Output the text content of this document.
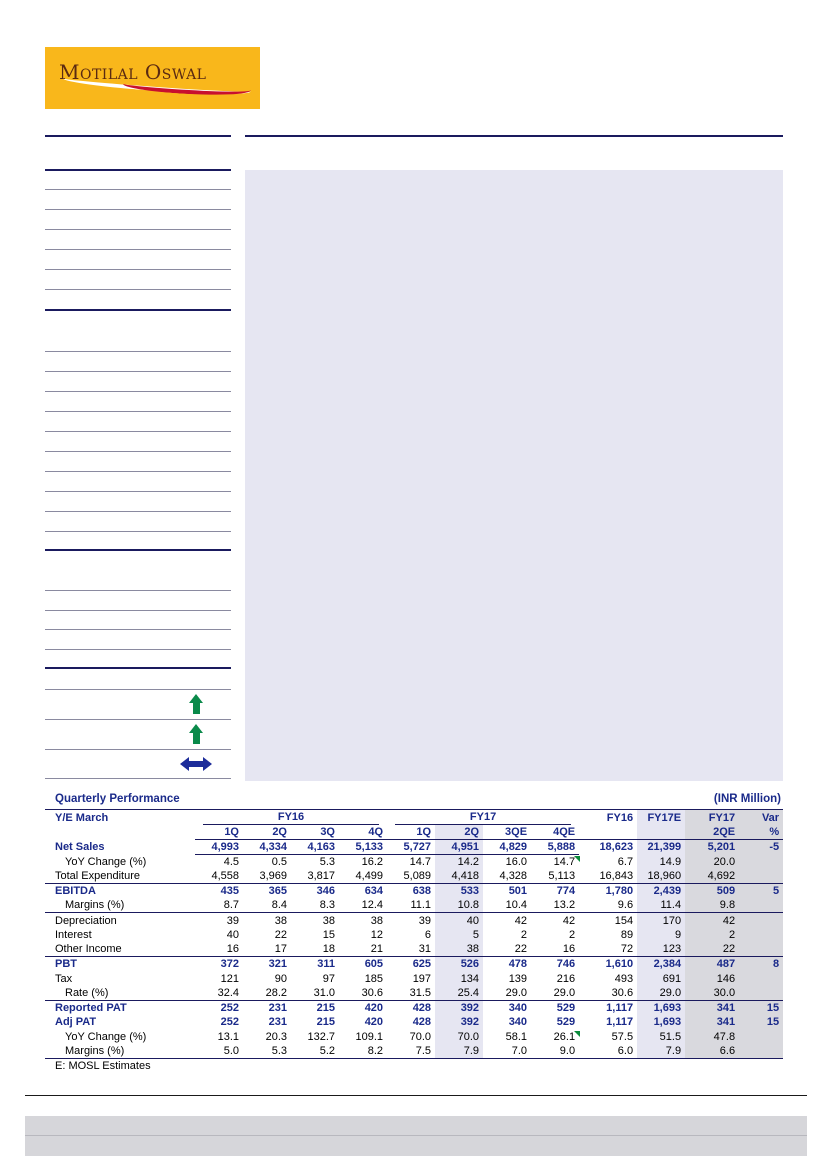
Motilal Oswal
Quarterly Performance	(INR Million)
Y/E March	FY16				FY17				FY16	FY17E	FY17	Var
	1Q	2Q	3Q	4Q	1Q	2Q	3QE	4QE			2QE	%
Net Sales	4,993	4,334	4,163	5,133	5,727	4,951	4,829	5,888	18,623	21,399	5,201	-5
YoY Change (%)	4.5	0.5	5.3	16.2	14.7	14.2	16.0	14.7	6.7	14.9	20.0	
Total Expenditure	4,558	3,969	3,817	4,499	5,089	4,418	4,328	5,113	16,843	18,960	4,692	
EBITDA	435	365	346	634	638	533	501	774	1,780	2,439	509	5
Margins (%)	8.7	8.4	8.3	12.4	11.1	10.8	10.4	13.2	9.6	11.4	9.8	
Depreciation	39	38	38	38	39	40	42	42	154	170	42	
Interest	40	22	15	12	6	5	2	2	89	9	2	
Other Income	16	17	18	21	31	38	22	16	72	123	22	
PBT	372	321	311	605	625	526	478	746	1,610	2,384	487	8
Tax	121	90	97	185	197	134	139	216	493	691	146	
Rate (%)	32.4	28.2	31.0	30.6	31.5	25.4	29.0	29.0	30.6	29.0	30.0	
Reported PAT	252	231	215	420	428	392	340	529	1,117	1,693	341	15
Adj PAT	252	231	215	420	428	392	340	529	1,117	1,693	341	15
YoY Change (%)	13.1	20.3	132.7	109.1	70.0	70.0	58.1	26.1	57.5	51.5	47.8	
Margins (%)	5.0	5.3	5.2	8.2	7.5	7.9	7.0	9.0	6.0	7.9	6.6	
E: MOSL Estimates
